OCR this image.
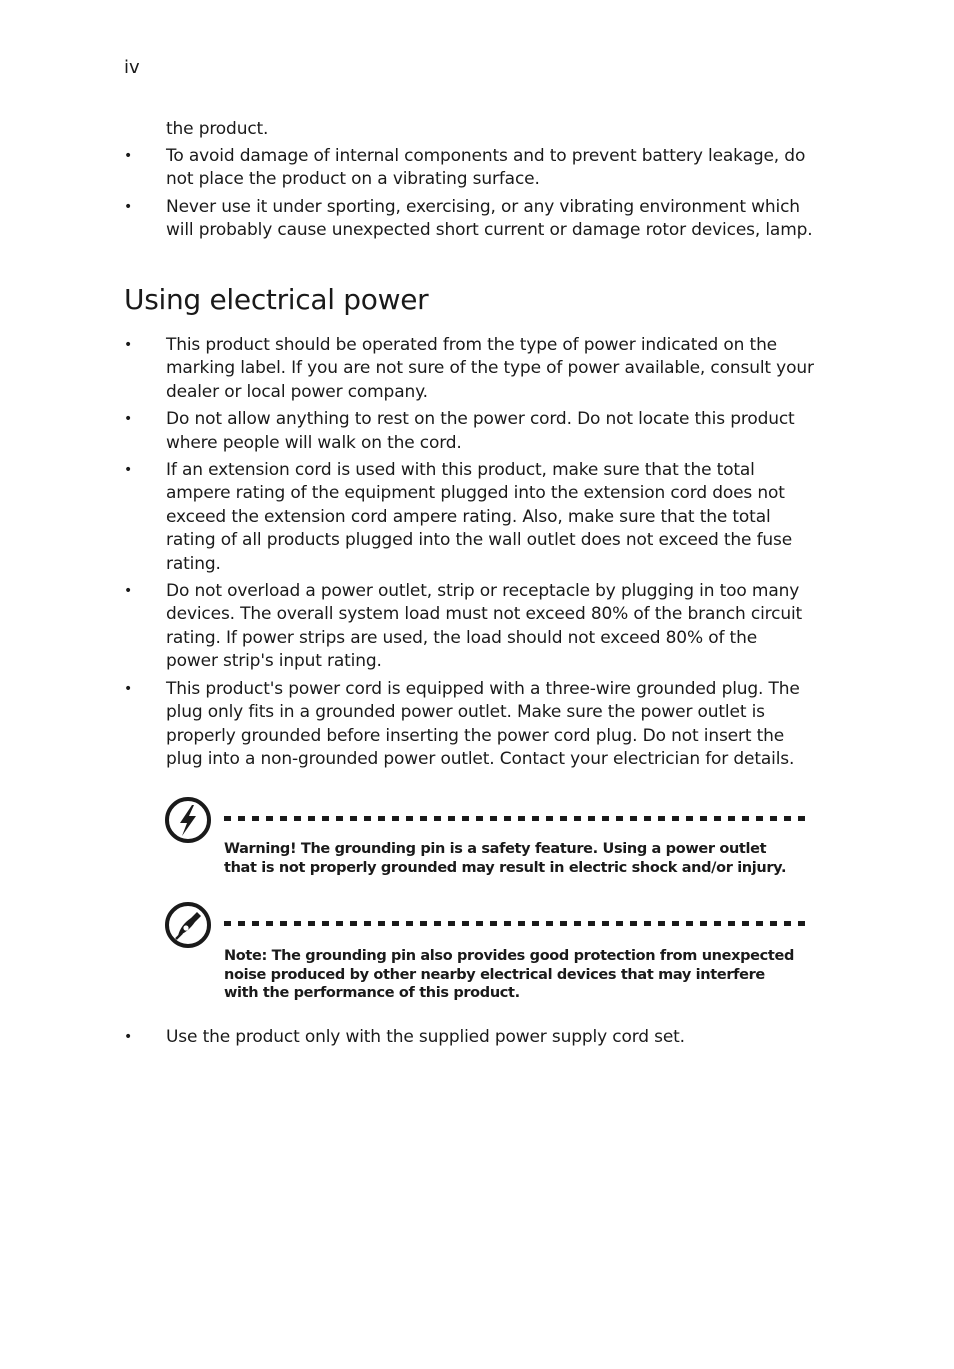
iv
the product.
•	To avoid damage of internal components and to prevent battery leakage, do not place the product on a vibrating surface.
•	Never use it under sporting, exercising, or any vibrating environment which will probably cause unexpected short current or damage rotor devices, lamp.
Using electrical power
•	This product should be operated from the type of power indicated on the marking label. If you are not sure of the type of power available, consult your dealer or local power company.
•	Do not allow anything to rest on the power cord. Do not locate this product where people will walk on the cord.
•	If an extension cord is used with this product, make sure that the total ampere rating of the equipment plugged into the extension cord does not exceed the extension cord ampere rating. Also, make sure that the total rating of all products plugged into the wall outlet does not exceed the fuse rating.
•	Do not overload a power outlet, strip or receptacle by plugging in too many devices. The overall system load must not exceed 80% of the branch circuit rating. If power strips are used, the load should not exceed 80% of the power strip's input rating.
•	This product's power cord is equipped with a three-wire grounded plug. The plug only fits in a grounded power outlet. Make sure the power outlet is properly grounded before inserting the power cord plug. Do not insert the plug into a non-grounded power outlet. Contact your electrician for details.
Warning! The grounding pin is a safety feature. Using a power outlet that is not properly grounded may result in electric shock and/or injury.
Note: The grounding pin also provides good protection from unexpected noise produced by other nearby electrical devices that may interfere with the performance of this product.
•	Use the product only with the supplied power supply cord set.
